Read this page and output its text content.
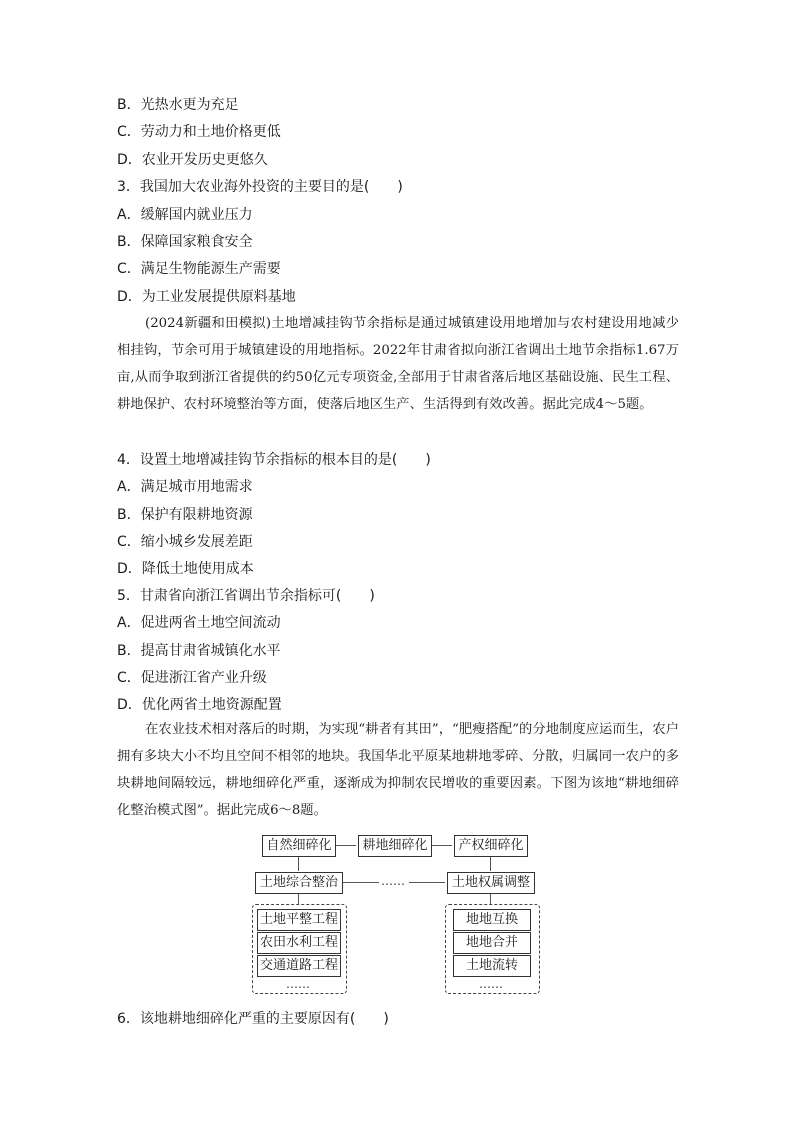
B．光热水更为充足
C．劳动力和土地价格更低
D．农业开发历史更悠久
3．我国加大农业海外投资的主要目的是(　　)
A．缓解国内就业压力
B．保障国家粮食安全
C．满足生物能源生产需要
D．为工业发展提供原料基地

(2024新疆和田模拟)土地增减挂钩节余指标是通过城镇建设用地增加与农村建设用地减少相挂钩，节余可用于城镇建设的用地指标。2022年甘肃省拟向浙江省调出土地节余指标1.67万亩,从而争取到浙江省提供的约50亿元专项资金,全部用于甘肃省落后地区基础设施、民生工程、耕地保护、农村环境整治等方面，使落后地区生产、生活得到有效改善。据此完成4～5题。

4．设置土地增减挂钩节余指标的根本目的是(　　)
A．满足城市用地需求
B．保护有限耕地资源
C．缩小城乡发展差距
D．降低土地使用成本
5．甘肃省向浙江省调出节余指标可(　　)
A．促进两省土地空间流动
B．提高甘肃省城镇化水平
C．促进浙江省产业升级
D．优化两省土地资源配置

在农业技术相对落后的时期，为实现“耕者有其田”，“肥瘦搭配”的分地制度应运而生，农户拥有多块大小不均且空间不相邻的地块。我国华北平原某地耕地零碎、分散，归属同一农户的多块耕地间隔较远，耕地细碎化严重，逐渐成为抑制农民增收的重要因素。下图为该地“耕地细碎化整治模式图”。据此完成6～8题。

自然细碎化	耕地细碎化	产权细碎化
土地综合整治	土地权属调整
……
土地平整工程
农田水利工程
交通道路工程
……
地地互换
地地合并
土地流转
……
6．该地耕地细碎化严重的主要原因有(　　)
